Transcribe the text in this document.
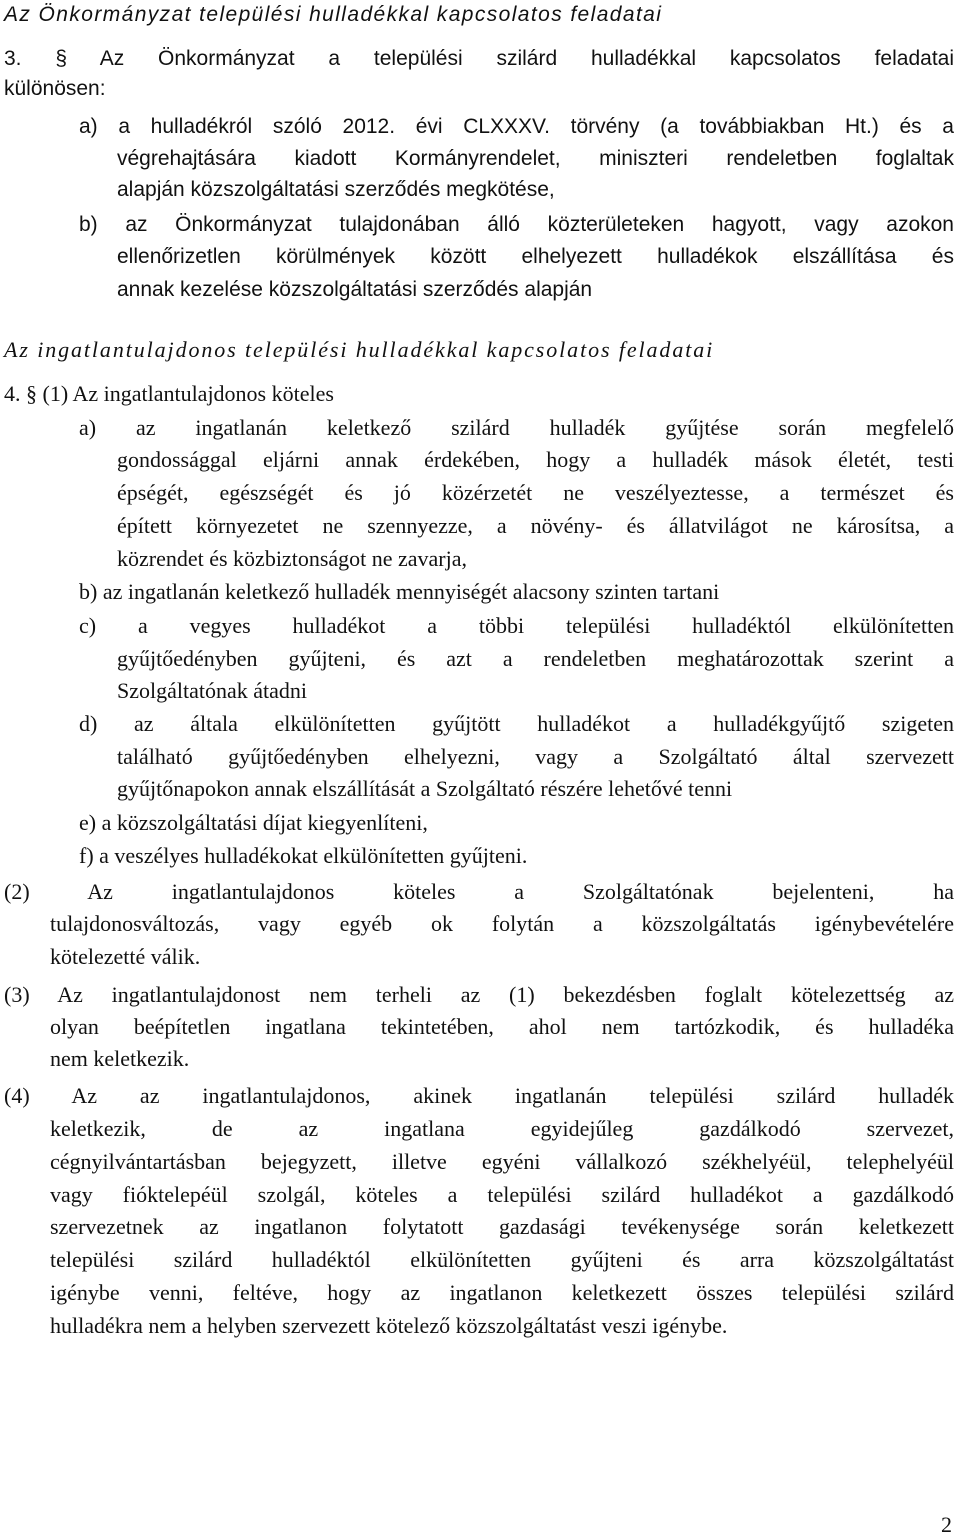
Az Önkormányzat települési hulladékkal kapcsolatos feladatai
3. § Az Önkormányzat a települési szilárd hulladékkal kapcsolatos feladatai
különösen:
a) a hulladékról szóló 2012. évi CLXXXV. törvény (a továbbiakban Ht.) és a
végrehajtására kiadott Kormányrendelet, miniszteri rendeletben foglaltak
alapján közszolgáltatási szerződés megkötése,
b) az Önkormányzat tulajdonában álló közterületeken hagyott, vagy azokon
ellenőrizetlen körülmények között elhelyezett hulladékok elszállítása és
annak kezelése közszolgáltatási szerződés alapján
Az ingatlantulajdonos települési hulladékkal kapcsolatos feladatai
4. § (1) Az ingatlantulajdonos köteles
a) az ingatlanán keletkező szilárd hulladék gyűjtése során megfelelő
gondossággal eljárni annak érdekében, hogy a hulladék mások életét, testi
épségét, egészségét és jó közérzetét ne veszélyeztesse, a természet és
épített környezetet ne szennyezze, a növény- és állatvilágot ne károsítsa, a
közrendet és közbiztonságot ne zavarja,
b) az ingatlanán keletkező hulladék mennyiségét alacsony szinten tartani
c) a vegyes hulladékot a többi települési hulladéktól elkülönítetten
gyűjtőedényben gyűjteni, és azt a rendeletben meghatározottak szerint a
Szolgáltatónak átadni
d) az általa elkülönítetten gyűjtött hulladékot a hulladékgyűjtő szigeten
található gyűjtőedényben elhelyezni, vagy a Szolgáltató által szervezett
gyűjtőnapokon annak elszállítását a Szolgáltató részére lehetővé tenni
e) a közszolgáltatási díjat kiegyenlíteni,
f) a veszélyes hulladékokat elkülönítetten gyűjteni.
(2) Az ingatlantulajdonos köteles a Szolgáltatónak bejelenteni, ha
tulajdonosváltozás, vagy egyéb ok folytán a közszolgáltatás igénybevételére
kötelezetté válik.
(3) Az ingatlantulajdonost nem terheli az (1) bekezdésben foglalt kötelezettség az
olyan beépítetlen ingatlana tekintetében, ahol nem tartózkodik, és hulladéka
nem keletkezik.
(4) Az az ingatlantulajdonos, akinek ingatlanán települési szilárd hulladék
keletkezik, de az ingatlana egyidejűleg gazdálkodó szervezet,
cégnyilvántartásban bejegyzett, illetve egyéni vállalkozó székhelyéül, telephelyéül
vagy fióktelepéül szolgál, köteles a települési szilárd hulladékot a gazdálkodó
szervezetnek az ingatlanon folytatott gazdasági tevékenysége során keletkezett
települési szilárd hulladéktól elkülönítetten gyűjteni és arra közszolgáltatást
igénybe venni, feltéve, hogy az ingatlanon keletkezett összes települési szilárd
hulladékra nem a helyben szervezett kötelező közszolgáltatást veszi igénybe.
2
